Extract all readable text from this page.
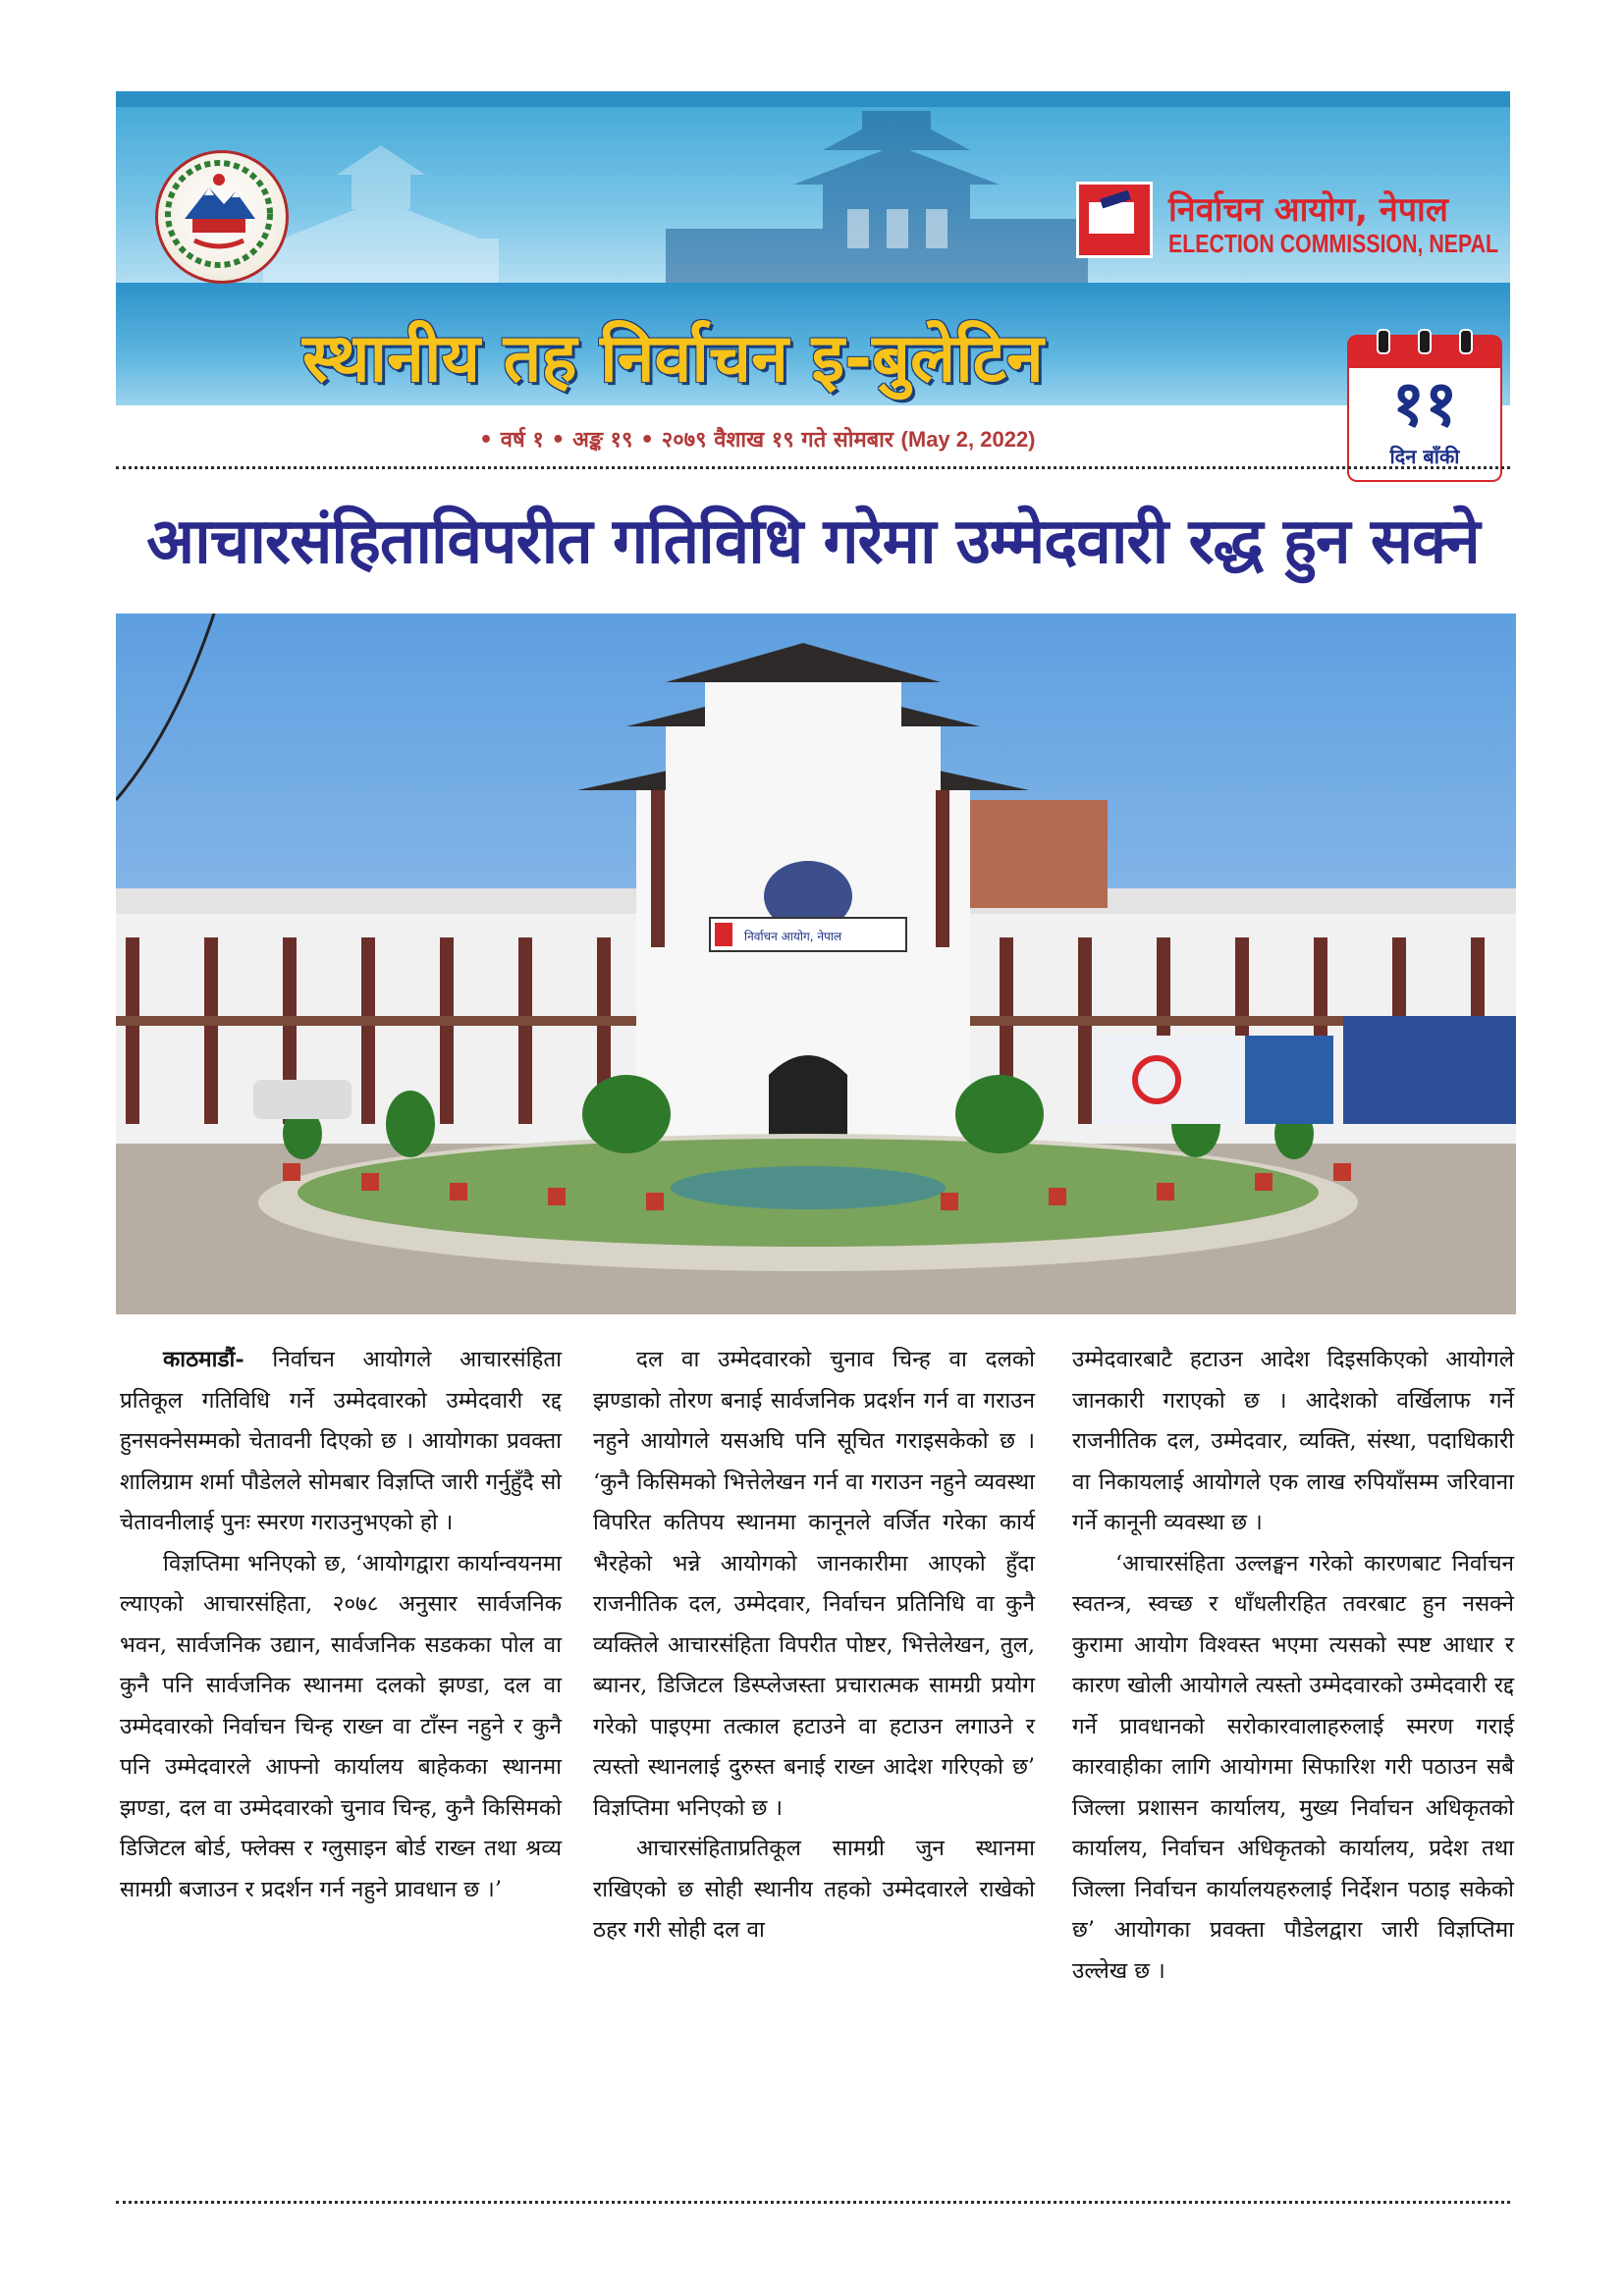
निर्वाचन आयोग, नेपाल
ELECTION COMMISSION, NEPAL
स्थानीय तह निर्वाचन इ-बुलेटिन
• वर्ष १ • अङ्क १९ • २०७९ वैशाख १९ गते सोमबार (May 2, 2022)	११
दिन बाँकी
आचारसंहिताविपरीत गतिविधि गरेमा उम्मेदवारी रद्ध हुन सक्ने
निर्वाचन आयोग, नेपाल

काठमाडौं- निर्वाचन आयोगले आचारसंहिता प्रतिकूल गतिविधि गर्ने उम्मेदवारको उम्मेदवारी रद्द हुनसक्नेसम्मको चेतावनी दिएको छ । आयोगका प्रवक्ता शालिग्राम शर्मा पौडेलले सोमबार विज्ञप्ति जारी गर्नुहुँदै सो चेतावनीलाई पुनः स्मरण गराउनुभएको हो ।

विज्ञप्तिमा भनिएको छ, ‘आयोगद्वारा कार्यान्वयनमा ल्याएको आचारसंहिता, २०७८ अनुसार सार्वजनिक भवन, सार्वजनिक उद्यान, सार्वजनिक सडकका पोल वा कुनै पनि सार्वजनिक स्थानमा दलको झण्डा, दल वा उम्मेदवारको निर्वाचन चिन्ह राख्न वा टाँस्न नहुने र कुनै पनि उम्मेदवारले आफ्नो कार्यालय बाहेकका स्थानमा झण्डा, दल वा उम्मेदवारको चुनाव चिन्ह, कुनै किसिमको डिजिटल बोर्ड, फ्लेक्स र ग्लुसाइन बोर्ड राख्न तथा श्रव्य सामग्री बजाउन र प्रदर्शन गर्न नहुने प्रावधान छ ।’

दल वा उम्मेदवारको चुनाव चिन्ह वा दलको झण्डाको तोरण बनाई सार्वजनिक प्रदर्शन गर्न वा गराउन नहुने आयोगले यसअघि पनि सूचित गराइसकेको छ । ‘कुनै किसिमको भित्तेलेखन गर्न वा गराउन नहुने व्यवस्था विपरित कतिपय स्थानमा कानूनले वर्जित गरेका कार्य भैरहेको भन्ने आयोगको जानकारीमा आएको हुँदा राजनीतिक दल, उम्मेदवार, निर्वाचन प्रतिनिधि वा कुनै व्यक्तिले आचारसंहिता विपरीत पोष्टर, भित्तेलेखन, तुल, ब्यानर, डिजिटल डिस्प्लेजस्ता प्रचारात्मक सामग्री प्रयोग गरेको पाइएमा तत्काल हटाउने वा हटाउन लगाउने र त्यस्तो स्थानलाई दुरुस्त बनाई राख्न आदेश गरिएको छ’ विज्ञप्तिमा भनिएको छ ।

आचारसंहिताप्रतिकूल सामग्री जुन स्थानमा राखिएको छ सोही स्थानीय तहको उम्मेदवारले राखेको ठहर गरी सोही दल वा

उम्मेदवारबाटै हटाउन आदेश दिइसकिएको आयोगले जानकारी गराएको छ । आदेशको वर्खिलाफ गर्ने राजनीतिक दल, उम्मेदवार, व्यक्ति, संस्था, पदाधिकारी वा निकायलाई आयोगले एक लाख रुपियाँसम्म जरिवाना गर्ने कानूनी व्यवस्था छ ।

‘आचारसंहिता उल्लङ्घन गरेको कारणबाट निर्वाचन स्वतन्त्र, स्वच्छ र धाँधलीरहित तवरबाट हुन नसक्ने कुरामा आयोग विश्वस्त भएमा त्यसको स्पष्ट आधार र कारण खोली आयोगले त्यस्तो उम्मेदवारको उम्मेदवारी रद्द गर्ने प्रावधानको सरोकारवालाहरुलाई स्मरण गराई कारवाहीका लागि आयोगमा सिफारिश गरी पठाउन सबै जिल्ला प्रशासन कार्यालय, मुख्य निर्वाचन अधिकृतको कार्यालय, निर्वाचन अधिकृतको कार्यालय, प्रदेश तथा जिल्ला निर्वाचन कार्यालयहरुलाई निर्देशन पठाइ सकेको छ’ आयोगका प्रवक्ता पौडेलद्वारा जारी विज्ञप्तिमा उल्लेख छ ।
